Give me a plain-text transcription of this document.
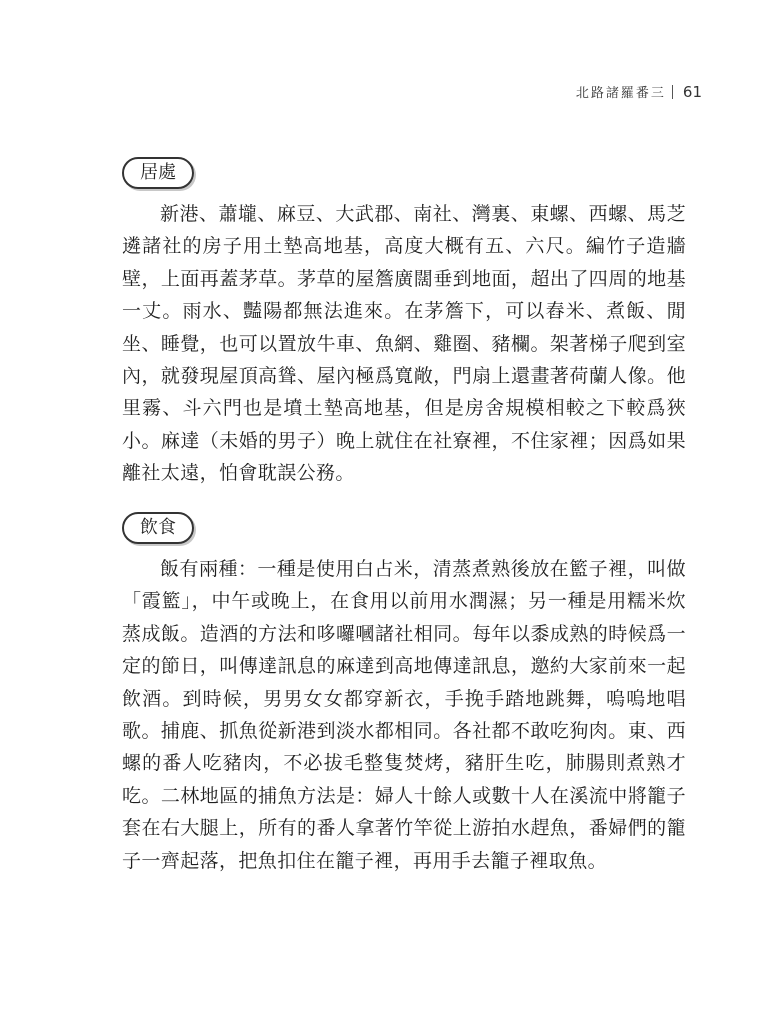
北路諸羅番三 61
居處

新港、蕭壠、麻豆、大武郡、南社、灣裏、東螺、西螺、馬芝遴諸社的房子用土墊高地基，高度大概有五、六尺。編竹子造牆壁，上面再蓋茅草。茅草的屋簷廣闊垂到地面，超出了四周的地基一丈。雨水、豔陽都無法進來。在茅簷下，可以舂米、煮飯、閒坐、睡覺，也可以置放牛車、魚網、雞圈、豬欄。架著梯子爬到室內，就發現屋頂高聳、屋內極爲寬敞，門扇上還畫著荷蘭人像。他里霧、斗六門也是墳土墊高地基，但是房舍規模相較之下較爲狹小。麻達（未婚的男子）晚上就住在社寮裡，不住家裡；因爲如果離社太遠，怕會耽誤公務。

飲食

飯有兩種：一種是使用白占米，清蒸煮熟後放在籃子裡，叫做「霞籃」，中午或晚上，在食用以前用水潤濕；另一種是用糯米炊蒸成飯。造酒的方法和哆囉嘓諸社相同。每年以黍成熟的時候爲一定的節日，叫傳達訊息的麻達到高地傳達訊息，邀約大家前來一起飲酒。到時候，男男女女都穿新衣，手挽手踏地跳舞，嗚嗚地唱歌。捕鹿、抓魚從新港到淡水都相同。各社都不敢吃狗肉。東、西螺的番人吃豬肉，不必拔毛整隻焚烤，豬肝生吃，肺腸則煮熟才吃。二林地區的捕魚方法是：婦人十餘人或數十人在溪流中將籠子套在右大腿上，所有的番人拿著竹竿從上游拍水趕魚，番婦們的籠子一齊起落，把魚扣住在籠子裡，再用手去籠子裡取魚。
